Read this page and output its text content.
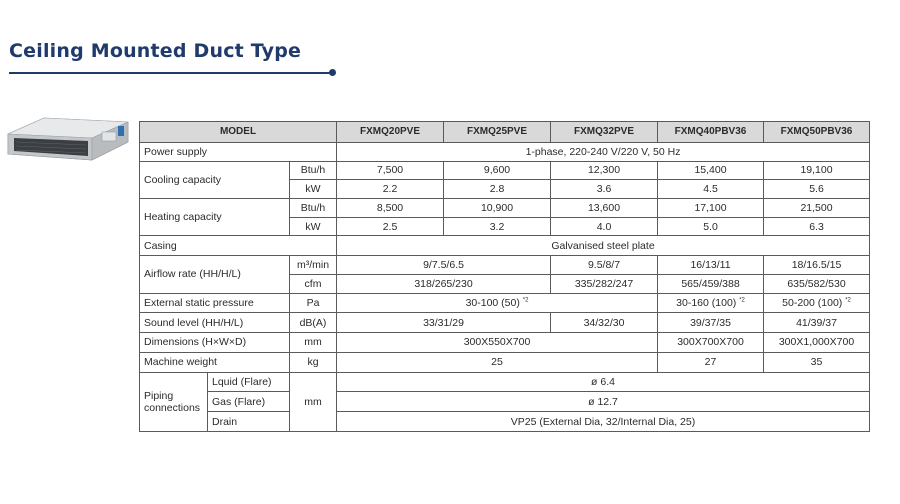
Ceiling Mounted Duct Type
MODEL			FXMQ20PVE	FXMQ25PVE	FXMQ32PVE	FXMQ40PBV36	FXMQ50PBV36
Power supply			1-phase, 220-240 V/220 V, 50 Hz				
Cooling capacity		Btu/h	7,500	9,600	12,300	15,400	19,100
		kW	2.2	2.8	3.6	4.5	5.6
Heating capacity		Btu/h	8,500	10,900	13,600	17,100	21,500
		kW	2.5	3.2	4.0	5.0	6.3
Casing			Galvanised steel plate				
Airflow rate (HH/H/L)		m³/min	9/7.5/6.5		9.5/8/7	16/13/11	18/16.5/15
		cfm	318/265/230		335/282/247	565/459/388	635/582/530
External static pressure		Pa	30-100 (50) $^{*2}$			30-160 (100) $^{*2}$	50-200 (100) $^{*2}$
Sound level (HH/H/L)		dB(A)	33/31/29		34/32/30	39/37/35	41/39/37
Dimensions (H×W×D)		mm	300X550X700			300X700X700	300X1,000X700
Machine weight		kg	25			27	35
Piping connections	Lquid (Flare)	mm	ø 6.4				
	Gas (Flare)		ø 12.7				
	Drain		VP25 (External Dia, 32/Internal Dia, 25)				
